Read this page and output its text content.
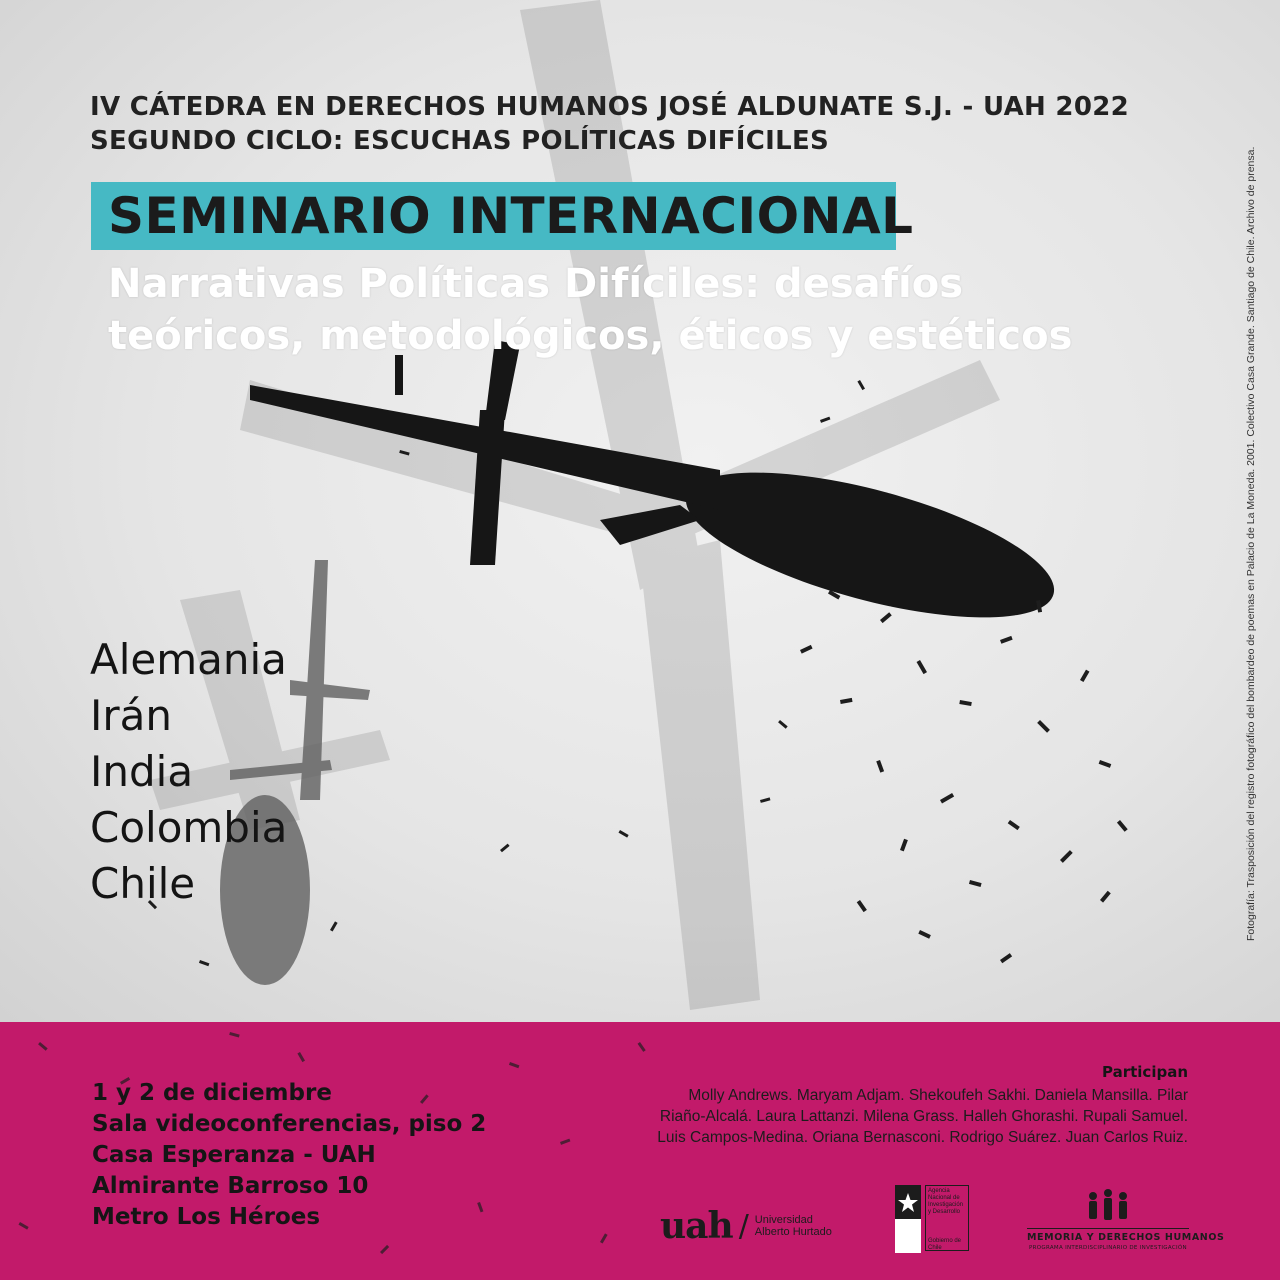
IV CÁTEDRA EN DERECHOS HUMANOS JOSÉ ALDUNATE S.J. - UAH 2022
SEGUNDO CICLO: ESCUCHAS POLÍTICAS DIFÍCILES
SEMINARIO INTERNACIONAL
Narrativas Políticas Difíciles: desafíos
teóricos, metodológicos, éticos y estéticos
Alemania
Irán
India
Colombia
Chile	Fotografía: Trasposición del registro fotográfico del bombardeo de poemas en Palacio de La Moneda. 2001. Colectivo Casa Grande. Santiago de Chile. Archivo de prensa.
1 y 2 de diciembre
Sala videoconferencias, piso 2
Casa Esperanza - UAH
Almirante Barroso 10
Metro Los Héroes
Participan
Molly Andrews. Maryam Adjam. Shekoufeh Sakhi. Daniela Mansilla. Pilar
Riaño-Alcalá. Laura Lattanzi. Milena Grass. Halleh Ghorashi. Rupali Samuel.
Luis Campos-Medina. Oriana Bernasconi. Rodrigo Suárez. Juan Carlos Ruiz.
uah / Universidad
Alberto Hurtado
Agencia
Nacional de
Investigación
y Desarrollo
Gobierno de Chile
MEMORIA Y DERECHOS HUMANOS
PROGRAMA INTERDISCIPLINARIO DE INVESTIGACIÓN
